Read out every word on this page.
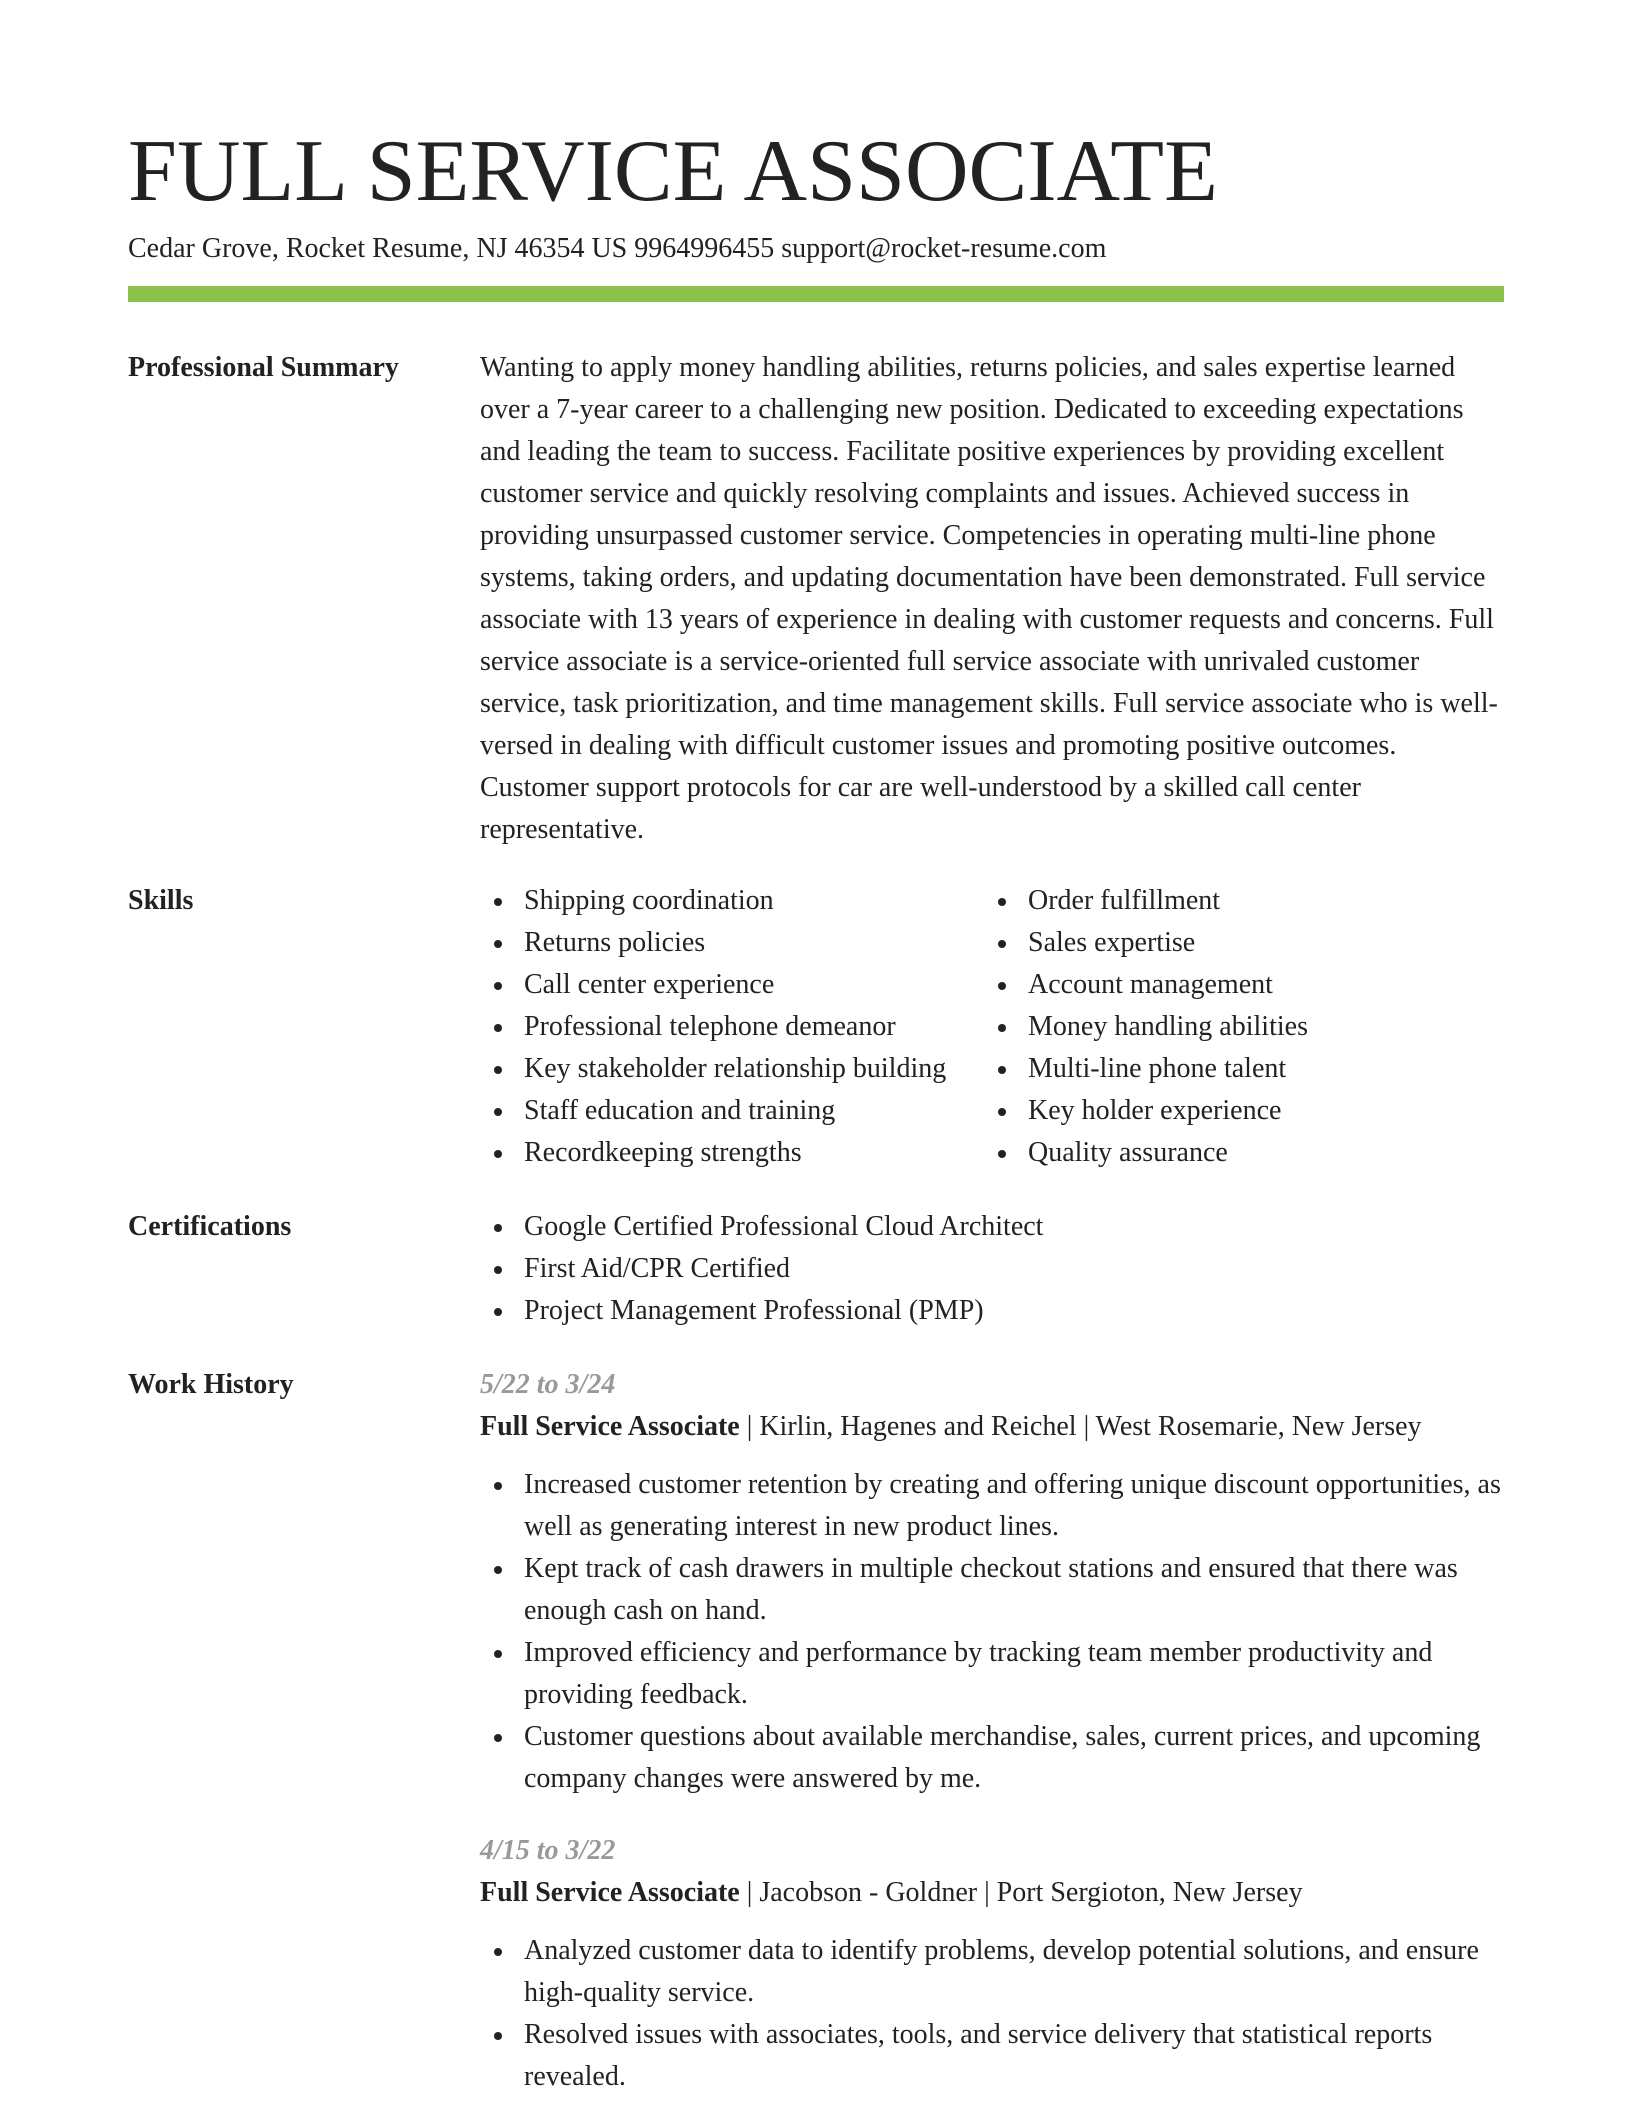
FULL SERVICE ASSOCIATE
Cedar Grove, Rocket Resume, NJ 46354 US 9964996455 support@rocket-resume.com
Professional Summary	Wanting to apply money handling abilities, returns policies, and sales expertise learned over a 7-year career to a challenging new position. Dedicated to exceeding expectations and leading the team to success. Facilitate positive experiences by providing excellent customer service and quickly resolving complaints and issues. Achieved success in providing unsurpassed customer service. Competencies in operating multi-line phone systems, taking orders, and updating documentation have been demonstrated. Full service associate with 13 years of experience in dealing with customer requests and concerns. Full service associate is a service-oriented full service associate with unrivaled customer service, task prioritization, and time management skills. Full service associate who is well-versed in dealing with difficult customer issues and promoting positive outcomes. Customer support protocols for car are well-understood by a skilled call center representative.
Skills	Shipping coordination
Returns policies
Call center experience
Professional telephone demeanor
Key stakeholder relationship building
Staff education and training
Recordkeeping strengths
Order fulfillment
Sales expertise
Account management
Money handling abilities
Multi-line phone talent
Key holder experience
Quality assurance
Certifications	Google Certified Professional Cloud Architect
First Aid/CPR Certified
Project Management Professional (PMP)
Work History	5/22 to 3/24
Full Service Associate | Kirlin, Hagenes and Reichel | West Rosemarie, New Jersey
Increased customer retention by creating and offering unique discount opportunities, as well as generating interest in new product lines.
Kept track of cash drawers in multiple checkout stations and ensured that there was enough cash on hand.
Improved efficiency and performance by tracking team member productivity and providing feedback.
Customer questions about available merchandise, sales, current prices, and upcoming company changes were answered by me.
4/15 to 3/22
Full Service Associate | Jacobson - Goldner | Port Sergioton, New Jersey
Analyzed customer data to identify problems, develop potential solutions, and ensure high-quality service.
Resolved issues with associates, tools, and service delivery that statistical reports revealed.
